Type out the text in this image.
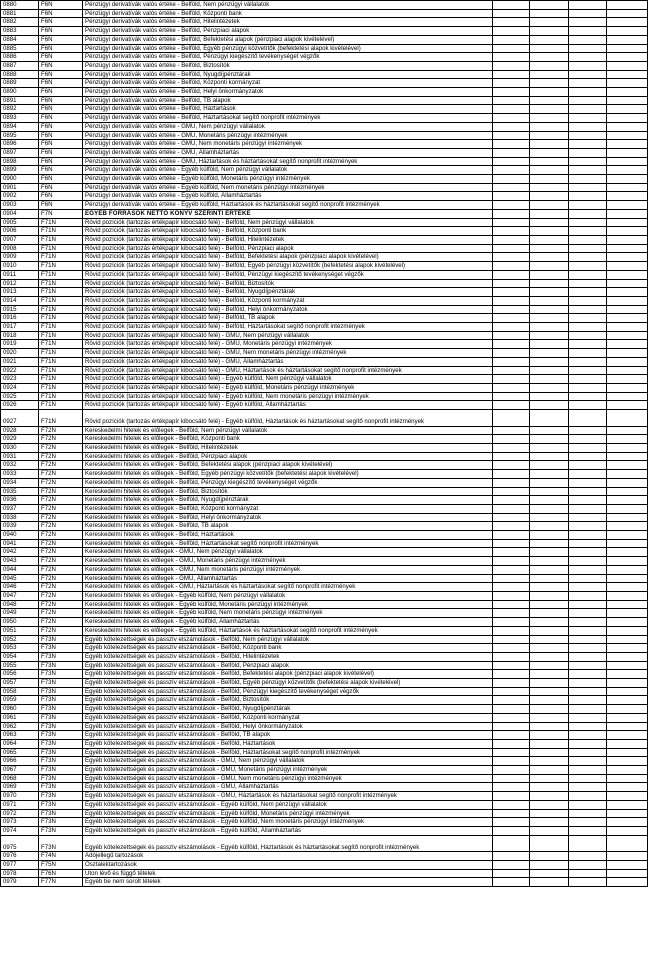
0880	F6N	Pénzügyi derivatívák valós értéke - Belföld, Nem pénzügyi vállalatok				
0881	F6N	Pénzügyi derivatívák valós értéke - Belföld, Központi bank				
0882	F6N	Pénzügyi derivatívák valós értéke - Belföld, Hitelintézetek				
0883	F6N	Pénzügyi derivatívák valós értéke - Belföld, Pénzpiaci alapok				
0884	F6N	Pénzügyi derivatívák valós értéke - Belföld, Befektetési alapok (pénzpiaci alapok kivételével)				
0885	F6N	Pénzügyi derivatívák valós értéke - Belföld, Egyéb pénzügyi közvetítők (befektetési alapok kivételével)				
0886	F6N	Pénzügyi derivatívák valós értéke - Belföld, Pénzügyi kiegészítő tevékenységet végzők				
0887	F6N	Pénzügyi derivatívák valós értéke - Belföld, Biztosítók				
0888	F6N	Pénzügyi derivatívák valós értéke - Belföld, Nyugdíjpénztárak				
0889	F6N	Pénzügyi derivatívák valós értéke - Belföld, Központi kormányzat				
0890	F6N	Pénzügyi derivatívák valós értéke - Belföld, Helyi önkormányzatok				
0891	F6N	Pénzügyi derivatívák valós értéke - Belföld, TB alapok				
0892	F6N	Pénzügyi derivatívák valós értéke - Belföld, Háztartások				
0893	F6N	Pénzügyi derivatívák valós értéke - Belföld, Háztartásokat segítő nonprofit intézmények				
0894	F6N	Pénzügyi derivatívák valós értéke - GMU, Nem pénzügyi vállalatok				
0895	F6N	Pénzügyi derivatívák valós értéke - GMU, Monetáris pénzügyi intézmények				
0896	F6N	Pénzügyi derivatívák valós értéke - GMU, Nem monetáris pénzügyi intézmények				
0897	F6N	Pénzügyi derivatívák valós értéke - GMU, Államháztartás				
0898	F6N	Pénzügyi derivatívák valós értéke - GMU, Háztartások és háztartásokat segítő nonprofit intézmények				
0899	F6N	Pénzügyi derivatívák valós értéke - Egyéb külföld, Nem pénzügyi vállalatok				
0900	F6N	Pénzügyi derivatívák valós értéke - Egyéb külföld, Monetáris pénzügyi intézmények				
0901	F6N	Pénzügyi derivatívák valós értéke - Egyéb külföld, Nem monetáris pénzügyi intézmények				
0902	F6N	Pénzügyi derivatívák valós értéke - Egyéb külföld, Államháztartás				
0903	F6N	Pénzügyi derivatívák valós értéke - Egyéb külföld, Háztartások és háztartásokat segítő nonprofit intézmények				
0904	F7N	EGYÉB FORRÁSOK NETTÓ KÖNYV SZERINTI ÉRTÉKE				
0905	F71N	Rövid pozíciók (tartozás értékpapír kibocsátó felé) - Belföld, Nem pénzügyi vállalatok				
0906	F71N	Rövid pozíciók (tartozás értékpapír kibocsátó felé) - Belföld, Központi bank				
0907	F71N	Rövid pozíciók (tartozás értékpapír kibocsátó felé) - Belföld, Hitelintézetek				
0908	F71N	Rövid pozíciók (tartozás értékpapír kibocsátó felé) - Belföld, Pénzpiaci alapok				
0909	F71N	Rövid pozíciók (tartozás értékpapír kibocsátó felé) - Belföld, Befektetési alapok (pénzpiaci alapok kivételével)				
0910	F71N	Rövid pozíciók (tartozás értékpapír kibocsátó felé) - Belföld, Egyéb pénzügyi közvetítők (befektetési alapok kivételével)				
0911	F71N	Rövid pozíciók (tartozás értékpapír kibocsátó felé) - Belföld, Pénzügyi kiegészítő tevékenységet végzők				
0912	F71N	Rövid pozíciók (tartozás értékpapír kibocsátó felé) - Belföld, Biztosítók				
0913	F71N	Rövid pozíciók (tartozás értékpapír kibocsátó felé) - Belföld, Nyugdíjpénztárak				
0914	F71N	Rövid pozíciók (tartozás értékpapír kibocsátó felé) - Belföld, Központi kormányzat				
0915	F71N	Rövid pozíciók (tartozás értékpapír kibocsátó felé) - Belföld, Helyi önkormányzatok				
0916	F71N	Rövid pozíciók (tartozás értékpapír kibocsátó felé) - Belföld, TB alapok				
0917	F71N	Rövid pozíciók (tartozás értékpapír kibocsátó felé) - Belföld, Háztartásokat segítő nonprofit intézmények				
0918	F71N	Rövid pozíciók (tartozás értékpapír kibocsátó felé) - GMU, Nem pénzügyi vállalatok				
0919	F71N	Rövid pozíciók (tartozás értékpapír kibocsátó felé) - GMU, Monetáris pénzügyi intézmények				
0920	F71N	Rövid pozíciók (tartozás értékpapír kibocsátó felé) - GMU, Nem monetáris pénzügyi intézmények				
0921	F71N	Rövid pozíciók (tartozás értékpapír kibocsátó felé) - GMU, Államháztartás				
0922	F71N	Rövid pozíciók (tartozás értékpapír kibocsátó felé) - GMU, Háztartások és háztartásokat segítő nonprofit intézmények				
0923	F71N	Rövid pozíciók (tartozás értékpapír kibocsátó felé) - Egyéb külföld, Nem pénzügyi vállalatok				
0924	F71N	Rövid pozíciók (tartozás értékpapír kibocsátó felé) - Egyéb külföld, Monetáris pénzügyi intézmények				
0925	F71N	Rövid pozíciók (tartozás értékpapír kibocsátó felé) - Egyéb külföld, Nem monetáris pénzügyi intézmények				
0926	F71N	Rövid pozíciók (tartozás értékpapír kibocsátó felé) - Egyéb külföld, Államháztartás				
0927	F71N	Rövid pozíciók (tartozás értékpapír kibocsátó felé) - Egyéb külföld, Háztartások és háztartásokat segítő nonprofit intézmények				
0928	F72N	Kereskedelmi hitelek és előlegek - Belföld, Nem pénzügyi vállalatok				
0929	F72N	Kereskedelmi hitelek és előlegek - Belföld, Központi bank				
0930	F72N	Kereskedelmi hitelek és előlegek - Belföld, Hitelintézetek				
0931	F72N	Kereskedelmi hitelek és előlegek - Belföld, Pénzpiaci alapok				
0932	F72N	Kereskedelmi hitelek és előlegek - Belföld, Befektetési alapok (pénzpiaci alapok kivételével)				
0933	F72N	Kereskedelmi hitelek és előlegek - Belföld, Egyéb pénzügyi közvetítők (befektetési alapok kivételével)				
0934	F72N	Kereskedelmi hitelek és előlegek - Belföld, Pénzügyi kiegészítő tevékenységet végzők				
0935	F72N	Kereskedelmi hitelek és előlegek - Belföld, Biztosítók				
0936	F72N	Kereskedelmi hitelek és előlegek - Belföld, Nyugdíjpénztárak				
0937	F72N	Kereskedelmi hitelek és előlegek - Belföld, Központi kormányzat				
0938	F72N	Kereskedelmi hitelek és előlegek - Belföld, Helyi önkormányzatok				
0939	F72N	Kereskedelmi hitelek és előlegek - Belföld, TB alapok				
0940	F72N	Kereskedelmi hitelek és előlegek - Belföld, Háztartások				
0941	F72N	Kereskedelmi hitelek és előlegek - Belföld, Háztartásokat segítő nonprofit intézmények				
0942	F72N	Kereskedelmi hitelek és előlegek - GMU, Nem pénzügyi vállalatok				
0943	F72N	Kereskedelmi hitelek és előlegek - GMU, Monetáris pénzügyi intézmények				
0944	F72N	Kereskedelmi hitelek és előlegek - GMU, Nem monetáris pénzügyi intézmények				
0945	F72N	Kereskedelmi hitelek és előlegek - GMU, Államháztartás				
0946	F72N	Kereskedelmi hitelek és előlegek - GMU, Háztartások és háztartásokat segítő nonprofit intézmények				
0947	F72N	Kereskedelmi hitelek és előlegek - Egyéb külföld, Nem pénzügyi vállalatok				
0948	F72N	Kereskedelmi hitelek és előlegek - Egyéb külföld, Monetáris pénzügyi intézmények				
0949	F72N	Kereskedelmi hitelek és előlegek - Egyéb külföld, Nem monetáris pénzügyi intézmények				
0950	F72N	Kereskedelmi hitelek és előlegek - Egyéb külföld, Államháztartás				
0951	F72N	Kereskedelmi hitelek és előlegek - Egyéb külföld, Háztartások és háztartásokat segítő nonprofit intézmények				
0952	F73N	Egyéb kötelezettségek és passzív elszámolások - Belföld, Nem pénzügyi vállalatok				
0953	F73N	Egyéb kötelezettségek és passzív elszámolások - Belföld, Központi bank				
0954	F73N	Egyéb kötelezettségek és passzív elszámolások - Belföld, Hitelintézetek				
0955	F73N	Egyéb kötelezettségek és passzív elszámolások - Belföld, Pénzpiaci alapok				
0956	F73N	Egyéb kötelezettségek és passzív elszámolások - Belföld, Befektetési alapok (pénzpiaci alapok kivételével)				
0957	F73N	Egyéb kötelezettségek és passzív elszámolások - Belföld, Egyéb pénzügyi közvetítők (befektetési alapok kivételével)				
0958	F73N	Egyéb kötelezettségek és passzív elszámolások - Belföld, Pénzügyi kiegészítő tevékenységet végzők				
0959	F73N	Egyéb kötelezettségek és passzív elszámolások - Belföld, Biztosítók				
0960	F73N	Egyéb kötelezettségek és passzív elszámolások - Belföld, Nyugdíjpénztárak				
0961	F73N	Egyéb kötelezettségek és passzív elszámolások - Belföld, Központi kormányzat				
0962	F73N	Egyéb kötelezettségek és passzív elszámolások - Belföld, Helyi önkormányzatok				
0963	F73N	Egyéb kötelezettségek és passzív elszámolások - Belföld, TB alapok				
0964	F73N	Egyéb kötelezettségek és passzív elszámolások - Belföld, Háztartások				
0965	F73N	Egyéb kötelezettségek és passzív elszámolások - Belföld, Háztartásokat segítő nonprofit intézmények				
0966	F73N	Egyéb kötelezettségek és passzív elszámolások - GMU, Nem pénzügyi vállalatok				
0967	F73N	Egyéb kötelezettségek és passzív elszámolások - GMU, Monetáris pénzügyi intézmények				
0968	F73N	Egyéb kötelezettségek és passzív elszámolások - GMU, Nem monetáris pénzügyi intézmények				
0969	F73N	Egyéb kötelezettségek és passzív elszámolások - GMU, Államháztartás				
0970	F73N	Egyéb kötelezettségek és passzív elszámolások - GMU, Háztartások és háztartásokat segítő nonprofit intézmények				
0971	F73N	Egyéb kötelezettségek és passzív elszámolások - Egyéb külföld, Nem pénzügyi vállalatok				
0972	F73N	Egyéb kötelezettségek és passzív elszámolások - Egyéb külföld, Monetáris pénzügyi intézmények				
0973	F73N	Egyéb kötelezettségek és passzív elszámolások - Egyéb külföld, Nem monetáris pénzügyi intézmények				
0974	F73N	Egyéb kötelezettségek és passzív elszámolások - Egyéb külföld, Államháztartás				
0975	F73N	Egyéb kötelezettségek és passzív elszámolások - Egyéb külföld, Háztartások és háztartásokat segítő nonprofit intézmények				
0976	F74N	Adójellegű tartozások				
0977	F75N	Osztalektartozások				
0978	F76N	Úton lévő és függő tételek				
0979	F77N	Egyéb be nem sorolt tételek				
